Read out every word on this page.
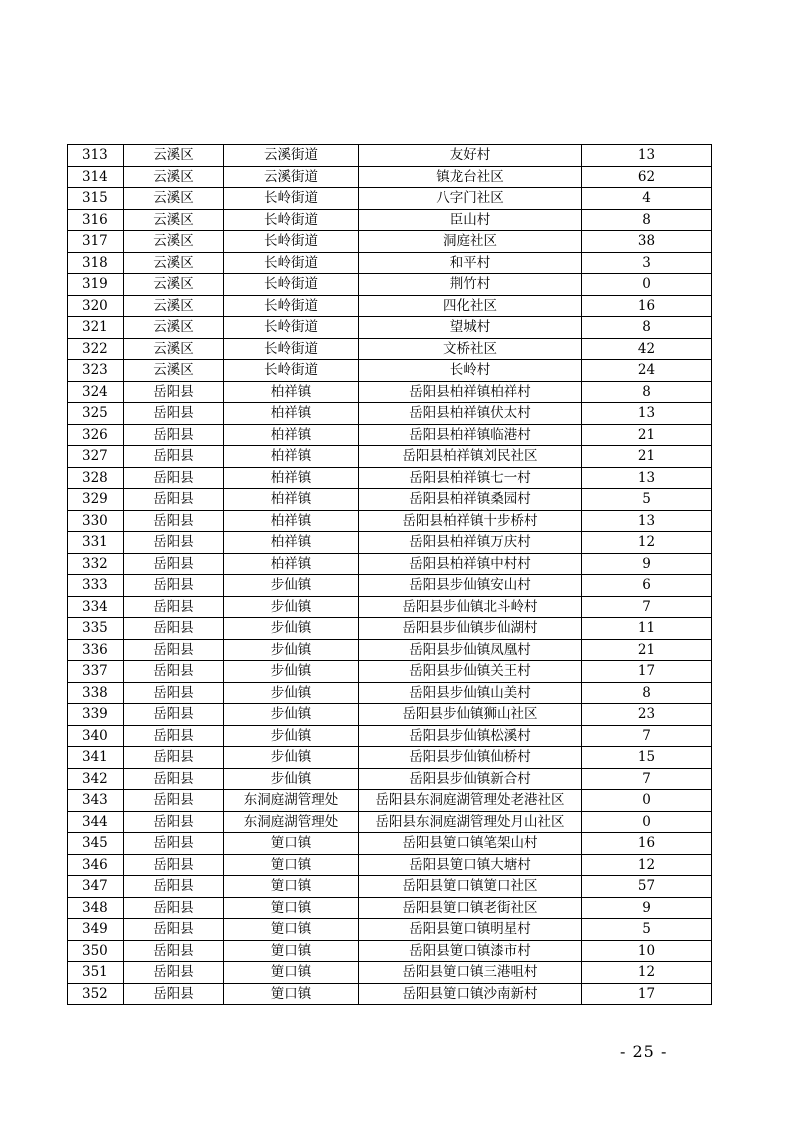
313	云溪区	云溪街道	友好村	13
314	云溪区	云溪街道	镇龙台社区	62
315	云溪区	长岭街道	八字门社区	4
316	云溪区	长岭街道	臣山村	8
317	云溪区	长岭街道	洞庭社区	38
318	云溪区	长岭街道	和平村	3
319	云溪区	长岭街道	荆竹村	0
320	云溪区	长岭街道	四化社区	16
321	云溪区	长岭街道	望城村	8
322	云溪区	长岭街道	文桥社区	42
323	云溪区	长岭街道	长岭村	24
324	岳阳县	柏祥镇	岳阳县柏祥镇柏祥村	8
325	岳阳县	柏祥镇	岳阳县柏祥镇伏太村	13
326	岳阳县	柏祥镇	岳阳县柏祥镇临港村	21
327	岳阳县	柏祥镇	岳阳县柏祥镇刘民社区	21
328	岳阳县	柏祥镇	岳阳县柏祥镇七一村	13
329	岳阳县	柏祥镇	岳阳县柏祥镇桑园村	5
330	岳阳县	柏祥镇	岳阳县柏祥镇十步桥村	13
331	岳阳县	柏祥镇	岳阳县柏祥镇万庆村	12
332	岳阳县	柏祥镇	岳阳县柏祥镇中村村	9
333	岳阳县	步仙镇	岳阳县步仙镇安山村	6
334	岳阳县	步仙镇	岳阳县步仙镇北斗岭村	7
335	岳阳县	步仙镇	岳阳县步仙镇步仙湖村	11
336	岳阳县	步仙镇	岳阳县步仙镇凤凰村	21
337	岳阳县	步仙镇	岳阳县步仙镇关王村	17
338	岳阳县	步仙镇	岳阳县步仙镇山美村	8
339	岳阳县	步仙镇	岳阳县步仙镇狮山社区	23
340	岳阳县	步仙镇	岳阳县步仙镇松溪村	7
341	岳阳县	步仙镇	岳阳县步仙镇仙桥村	15
342	岳阳县	步仙镇	岳阳县步仙镇新合村	7
343	岳阳县	东洞庭湖管理处	岳阳县东洞庭湖管理处老港社区	0
344	岳阳县	东洞庭湖管理处	岳阳县东洞庭湖管理处月山社区	0
345	岳阳县	筻口镇	岳阳县筻口镇笔架山村	16
346	岳阳县	筻口镇	岳阳县筻口镇大塘村	12
347	岳阳县	筻口镇	岳阳县筻口镇筻口社区	57
348	岳阳县	筻口镇	岳阳县筻口镇老街社区	9
349	岳阳县	筻口镇	岳阳县筻口镇明星村	5
350	岳阳县	筻口镇	岳阳县筻口镇漆市村	10
351	岳阳县	筻口镇	岳阳县筻口镇三港咀村	12
352	岳阳县	筻口镇	岳阳县筻口镇沙南新村	17
- 25 -
